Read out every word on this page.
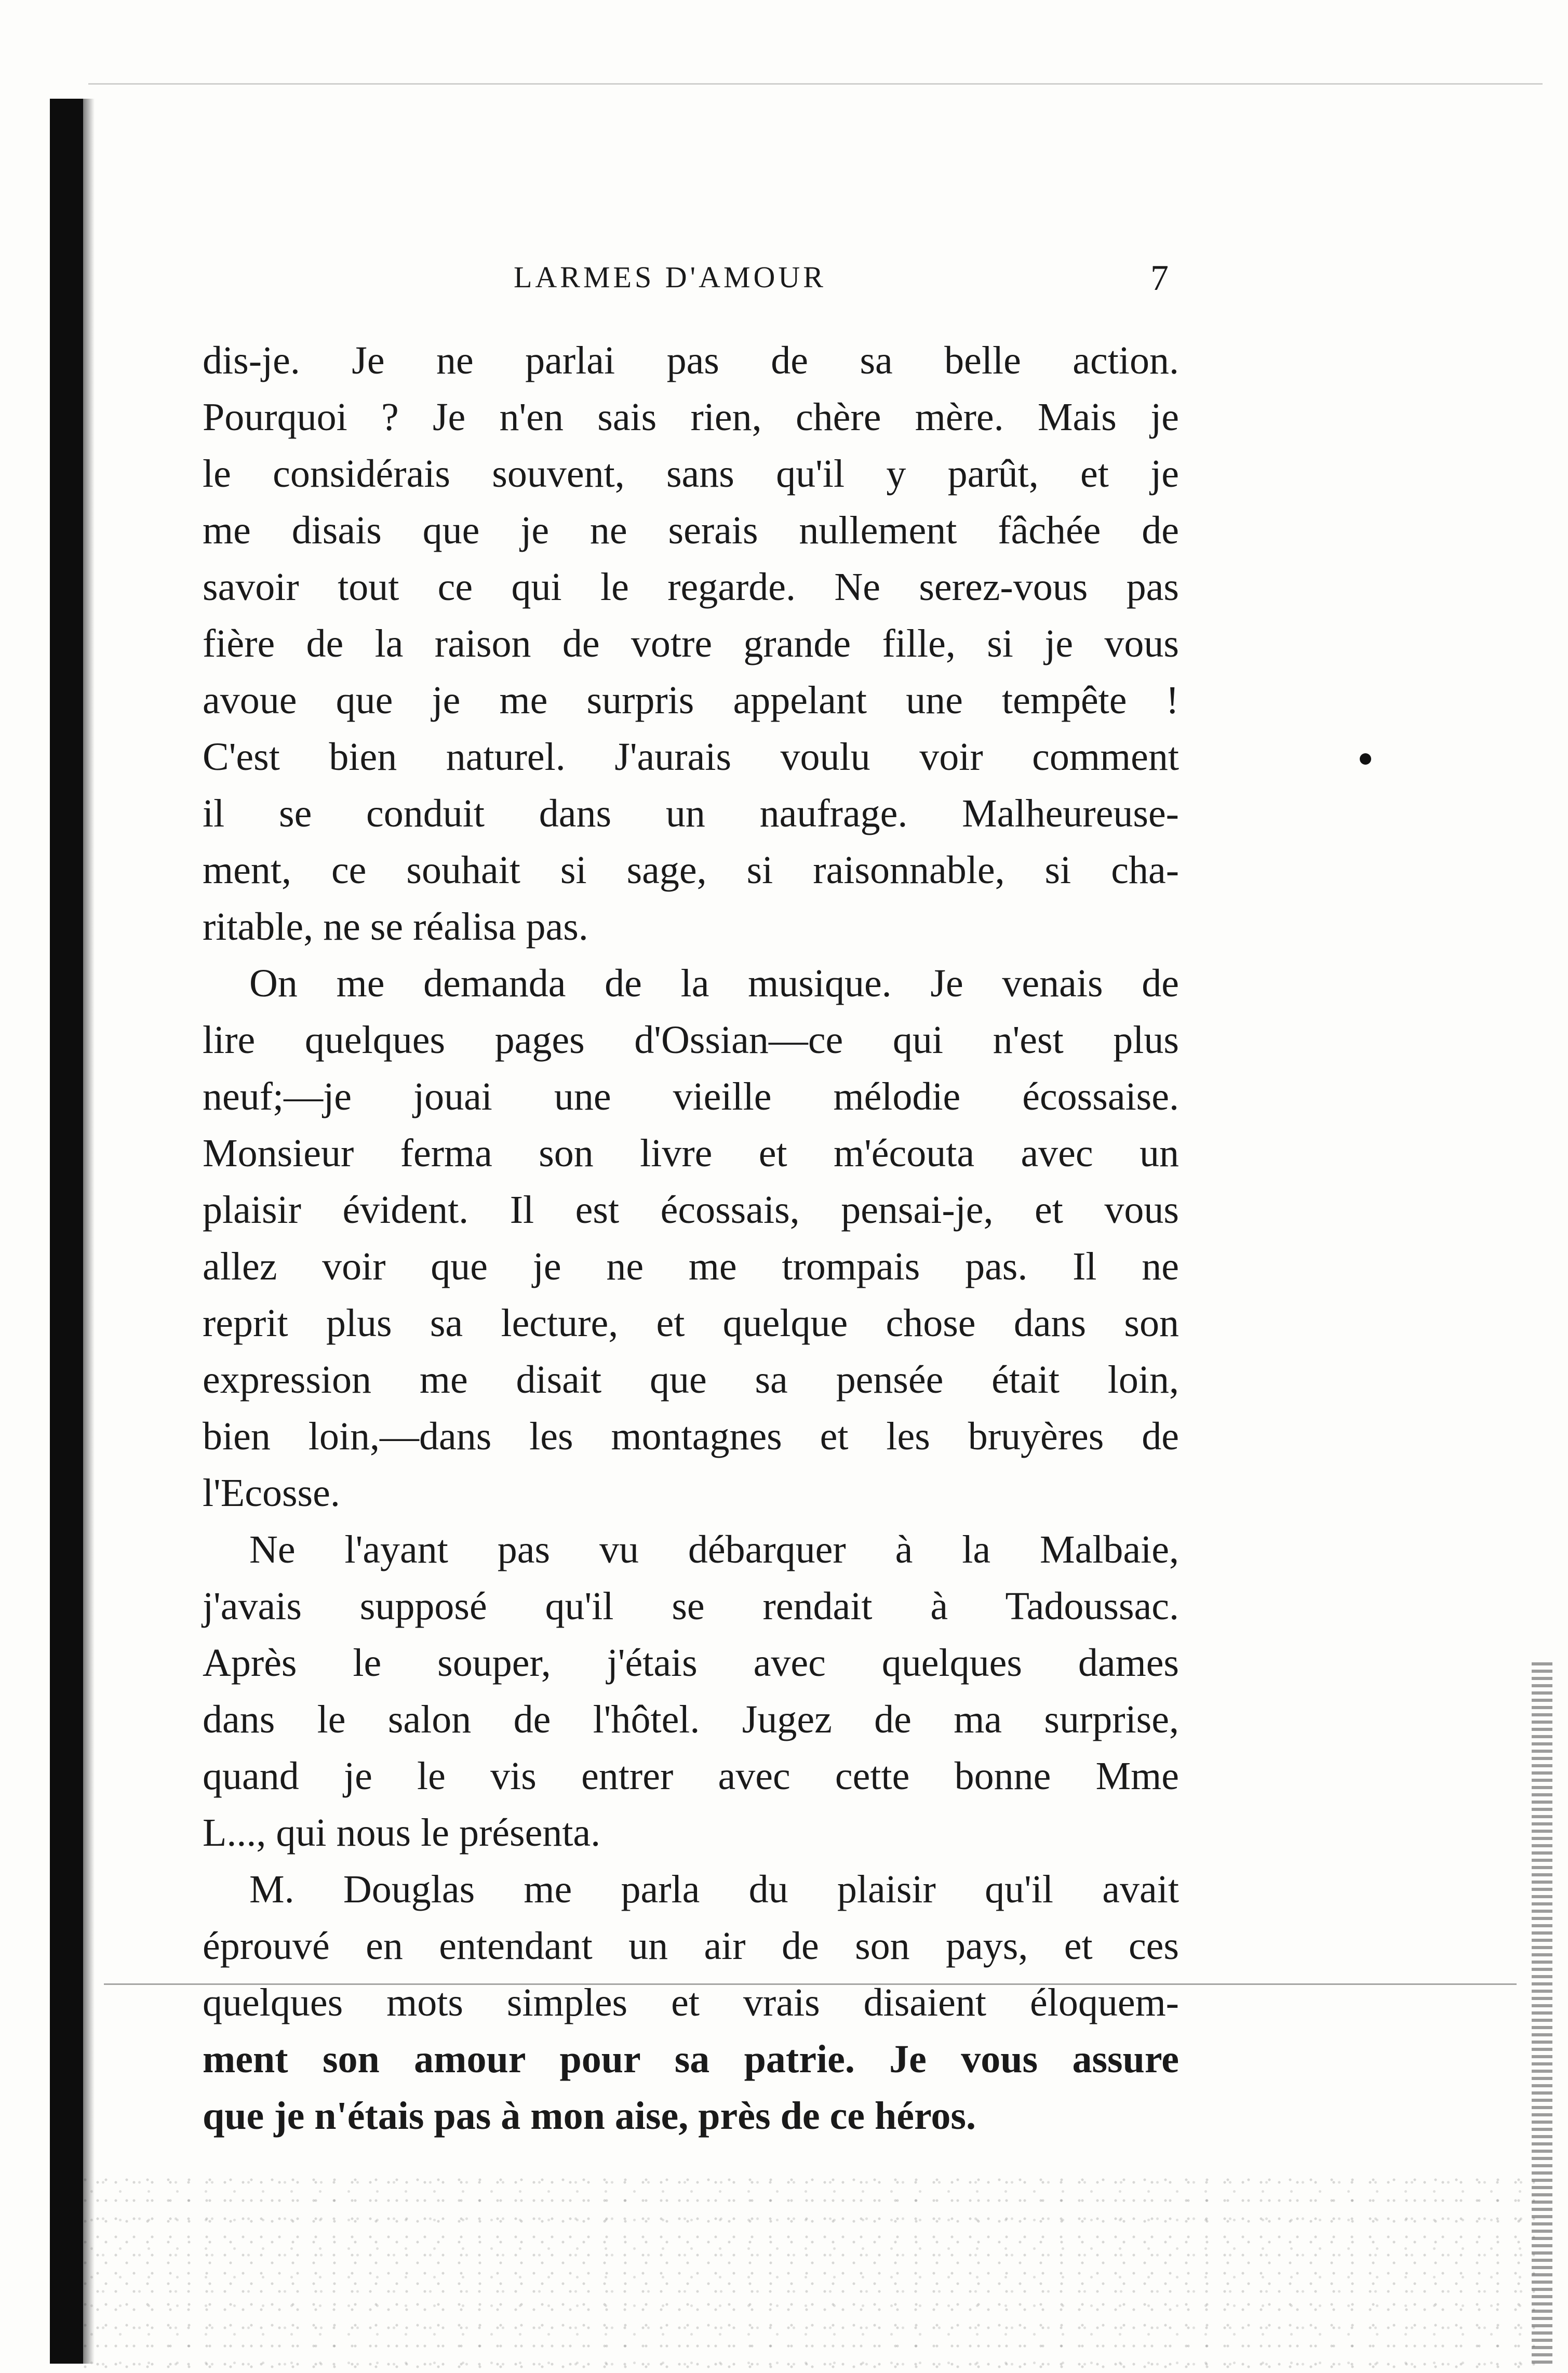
LARMES D'AMOUR	7
dis-je. Je ne parlai pas de sa belle action.
Pourquoi ? Je n'en sais rien, chère mère. Mais je
le considérais souvent, sans qu'il y parût, et je
me disais que je ne serais nullement fâchée de
savoir tout ce qui le regarde. Ne serez-vous pas
fière de la raison de votre grande fille, si je vous
avoue que je me surpris appelant une tempête !
C'est bien naturel. J'aurais voulu voir comment
il se conduit dans un naufrage. Malheureuse-
ment, ce souhait si sage, si raisonnable, si cha-
ritable, ne se réalisa pas.
On me demanda de la musique. Je venais de
lire quelques pages d'Ossian—ce qui n'est plus
neuf;—je jouai une vieille mélodie écossaise.
Monsieur ferma son livre et m'écouta avec un
plaisir évident. Il est écossais, pensai-je, et vous
allez voir que je ne me trompais pas. Il ne
reprit plus sa lecture, et quelque chose dans son
expression me disait que sa pensée était loin,
bien loin,—dans les montagnes et les bruyères de
l'Ecosse.
Ne l'ayant pas vu débarquer à la Malbaie,
j'avais supposé qu'il se rendait à Tadoussac.
Après le souper, j'étais avec quelques dames
dans le salon de l'hôtel. Jugez de ma surprise,
quand je le vis entrer avec cette bonne Mme
L..., qui nous le présenta.
M. Douglas me parla du plaisir qu'il avait
éprouvé en entendant un air de son pays, et ces
quelques mots simples et vrais disaient éloquem-
ment son amour pour sa patrie. Je vous assure
que je n'étais pas à mon aise, près de ce héros.
